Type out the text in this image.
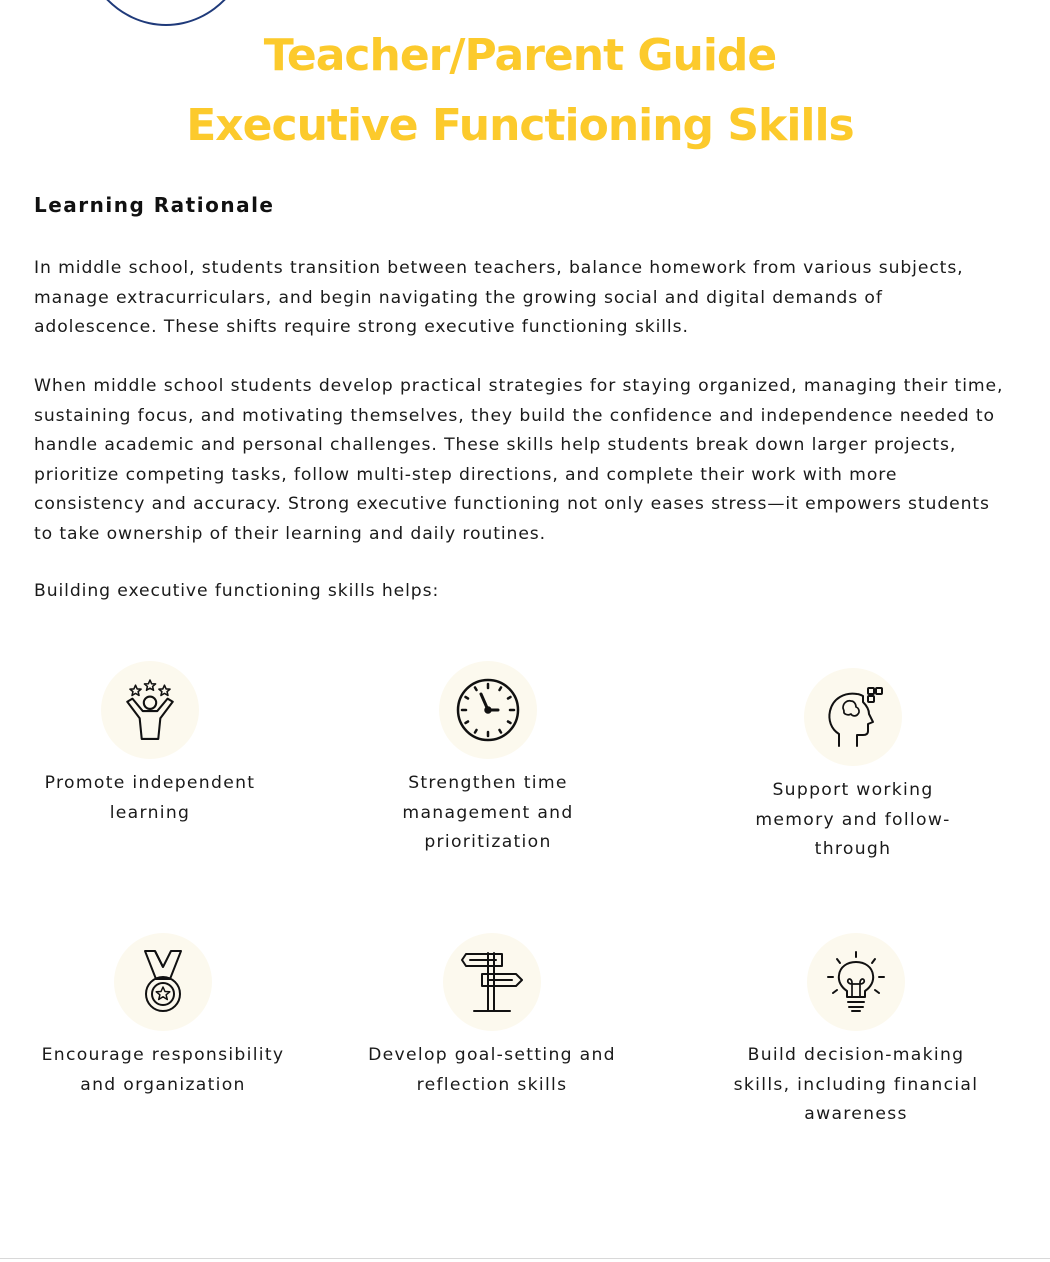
Teacher/Parent Guide
Executive Functioning Skills
Learning Rationale

In middle school, students transition between teachers, balance homework from various subjects, manage extracurriculars, and begin navigating the growing social and digital demands of adolescence. These shifts require strong executive functioning skills.

When middle school students develop practical strategies for staying organized, managing their time, sustaining focus, and motivating themselves, they build the confidence and independence needed to handle academic and personal challenges. These skills help students break down larger projects, prioritize competing tasks, follow multi-step directions, and complete their work with more consistency and accuracy. Strong executive functioning not only eases stress—it empowers students to take ownership of their learning and daily routines.

Building executive functioning skills helps:

Promote independent
learning
Strengthen time
management and
prioritization
Support working
memory and follow-
through
Encourage responsibility
and organization
Develop goal-setting and
reflection skills
Build decision-making
skills, including financial
awareness
